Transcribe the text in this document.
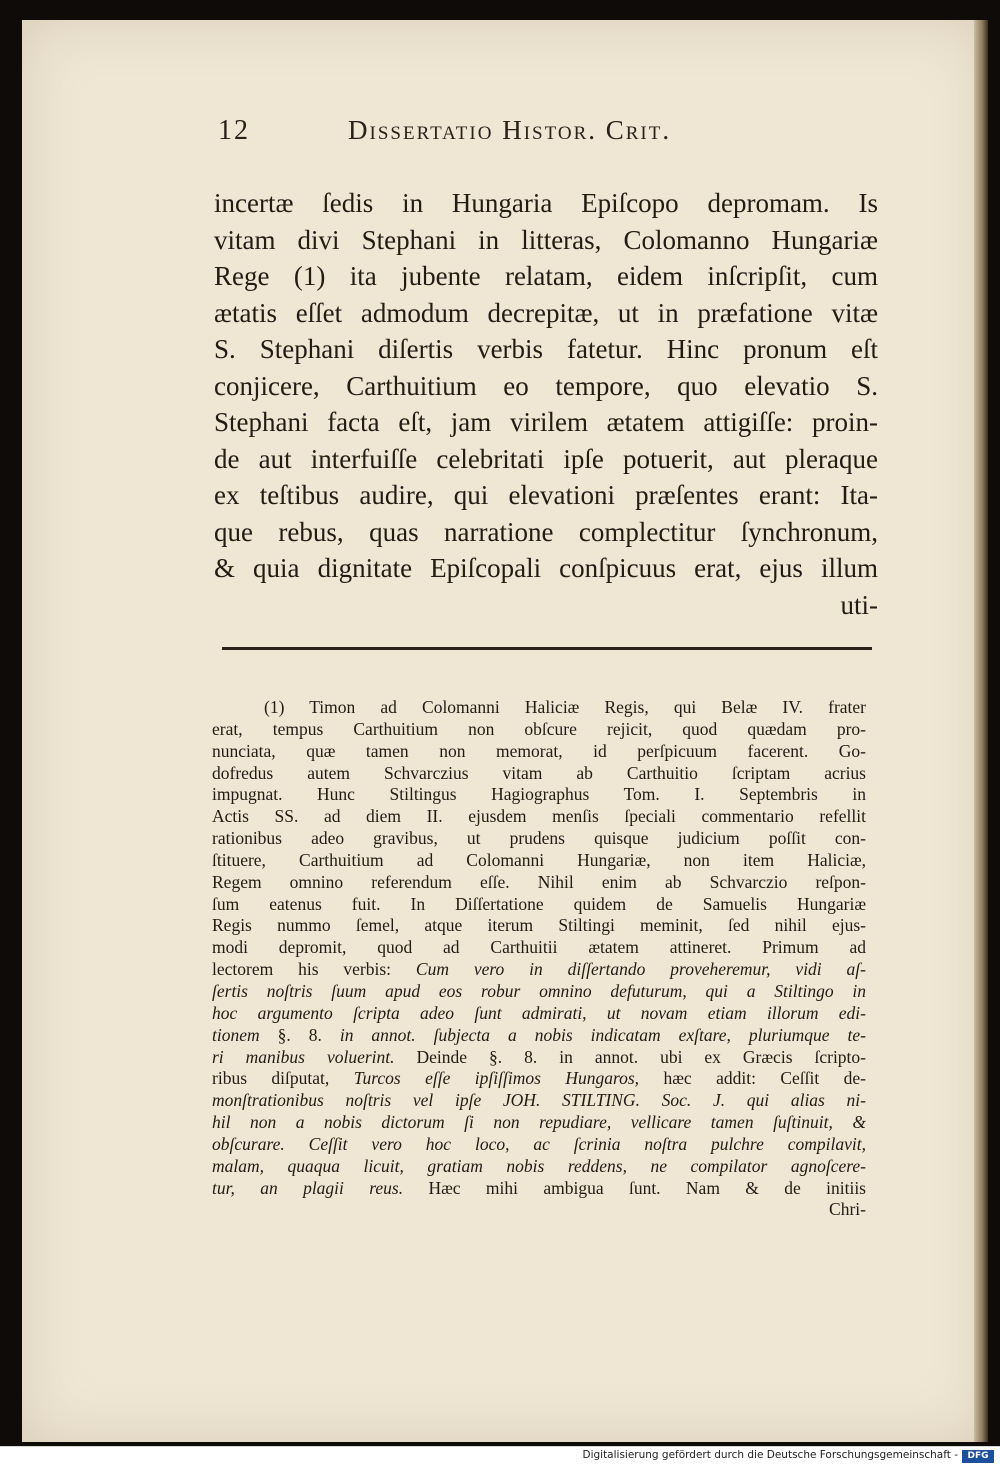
12	Dissertatio Histor. Crit.
incertæ ſedis in Hungaria Epiſcopo depromam. Is
vitam divi Stephani in litteras, Colomanno Hungariæ
Rege (1) ita jubente relatam, eidem inſcripſit, cum
ætatis eſſet admodum decrepitæ, ut in præfatione vitæ
S. Stephani diſertis verbis fatetur. Hinc pronum eſt
conjicere, Carthuitium eo tempore, quo elevatio S.
Stephani facta eſt, jam virilem ætatem attigiſſe: proin-
de aut interfuiſſe celebritati ipſe potuerit, aut pleraque
ex teſtibus audire, qui elevationi præſentes erant: Ita-
que rebus, quas narratione complectitur ſynchronum,
& quia dignitate Epiſcopali conſpicuus erat, ejus illum
uti-
(1) Timon ad Colomanni Haliciæ Regis, qui Belæ IV. frater
erat, tempus Carthuitium non obſcure rejicit, quod quædam pro-
nunciata, quæ tamen non memorat, id perſpicuum facerent. Go-
dofredus autem Schvarczius vitam ab Carthuitio ſcriptam acrius
impugnat. Hunc Stiltingus Hagiographus Tom. I. Septembris in
Actis SS. ad diem II. ejusdem menſis ſpeciali commentario refellit
rationibus adeo gravibus, ut prudens quisque judicium poſſit con-
ſtituere, Carthuitium ad Colomanni Hungariæ, non item Haliciæ,
Regem omnino referendum eſſe. Nihil enim ab Schvarczio reſpon-
ſum eatenus fuit. In Diſſertatione quidem de Samuelis Hungariæ
Regis nummo ſemel, atque iterum Stiltingi meminit, ſed nihil ejus-
modi depromit, quod ad Carthuitii ætatem attineret. Primum ad
lectorem his verbis: Cum vero in diſſertando proveheremur, vidi aſ-
ſertis noſtris ſuum apud eos robur omnino defuturum, qui a Stiltingo in
hoc argumento ſcripta adeo ſunt admirati, ut novam etiam illorum edi-
tionem §. 8. in annot. ſubjecta a nobis indicatam exſtare, pluriumque te-
ri manibus voluerint. Deinde §. 8. in annot. ubi ex Græcis ſcripto-
ribus diſputat, Turcos eſſe ipſiſſimos Hungaros, hæc addit: Ceſſit de-
monſtrationibus noſtris vel ipſe JOH. STILTING. Soc. J. qui alias ni-
hil non a nobis dictorum ſi non repudiare, vellicare tamen ſuſtinuit, &
obſcurare. Ceſſit vero hoc loco, ac ſcrinia noſtra pulchre compilavit,
malam, quaqua licuit, gratiam nobis reddens, ne compilator agnoſcere-
tur, an plagii reus. Hæc mihi ambigua ſunt. Nam & de initiis
Chri-
Digitalisierung gefördert durch die Deutsche Forschungsgemeinschaft -	DFG
